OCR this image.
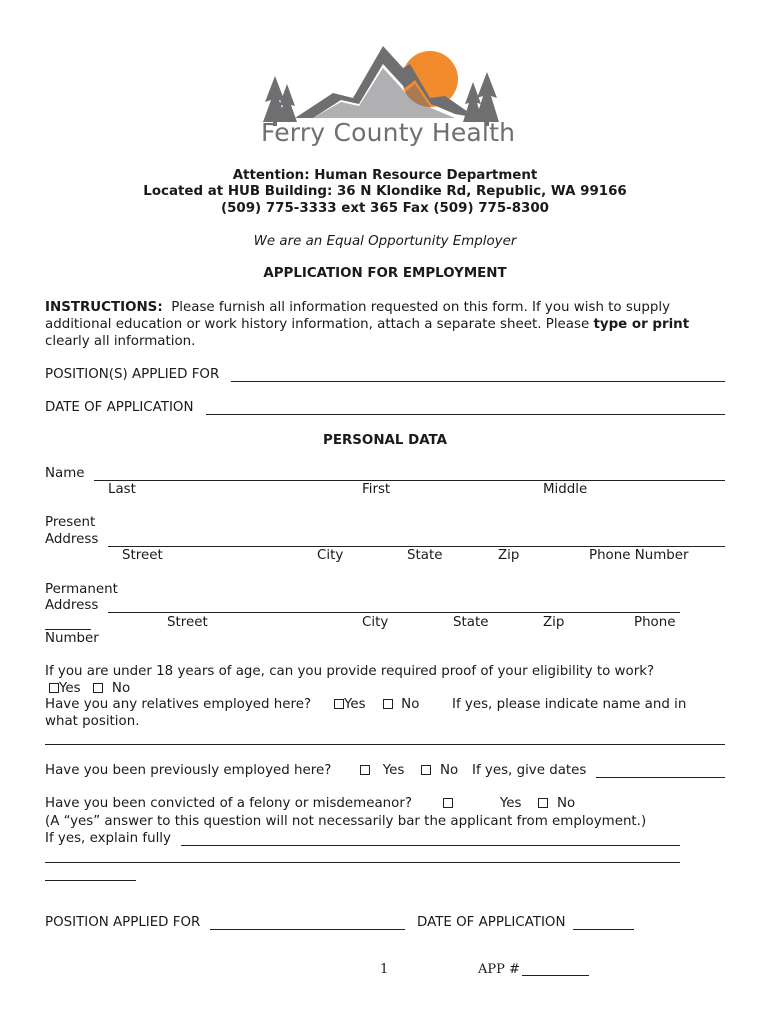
Ferry County Health
Attention: Human Resource Department
Located at HUB Building: 36 N Klondike Rd, Republic, WA 99166
(509) 775-3333 ext 365 Fax (509) 775-8300
We are an Equal Opportunity Employer
APPLICATION FOR EMPLOYMENT
INSTRUCTIONS: Please furnish all information requested on this form. If you wish to supply
additional education or work history information, attach a separate sheet. Please type or print
clearly all information.
POSITION(S) APPLIED FOR
DATE OF APPLICATION
PERSONAL DATA
Name
Last	First	Middle
Present
Address
Street	City	State	Zip	Phone Number
Permanent
Address
Street	City	State	Zip	Phone
Number
If you are under 18 years of age, can you provide required proof of your eligibility to work?
Yes No
Have you any relatives employed here?	Yes	No If yes, please indicate name and in
what position.
Have you been previously employed here?	Yes	No If yes, give dates
Have you been convicted of a felony or misdemeanor?	Yes	No
(A “yes” answer to this question will not necessarily bar the applicant from employment.)
If yes, explain fully
POSITION APPLIED FOR	DATE OF APPLICATION
1	APP #
